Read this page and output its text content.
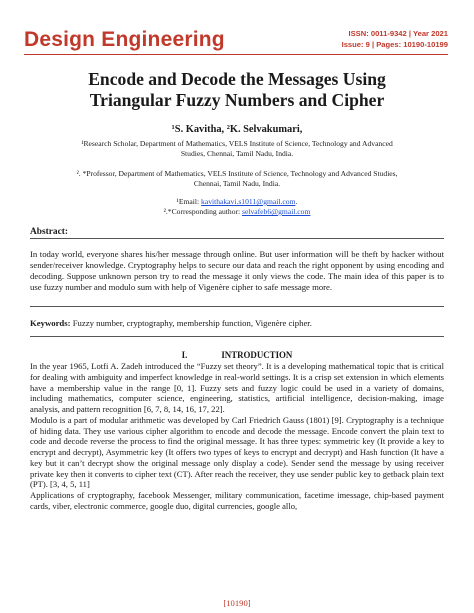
Design Engineering	ISSN: 0011-9342 | Year 2021
Issue: 9 | Pages: 10190-10199
Encode and Decode the Messages Using
Triangular Fuzzy Numbers and Cipher
¹S. Kavitha, ²K. Selvakumari,
¹Research Scholar, Department of Mathematics, VELS Institute of Science, Technology and Advanced Studies, Chennai, Tamil Nadu, India.
². *Professor, Department of Mathematics, VELS Institute of Science, Technology and Advanced Studies, Chennai, Tamil Nadu, India.
¹Email: kavithakavi.s1011@gmail.com.
².*Corresponding author: selvafeb6@gmail.com
Abstract:
In today world, everyone shares his/her message through online. But user information will be theft by hacker without sender/receiver knowledge. Cryptography helps to secure our data and reach the right opponent by using encoding and decoding. Suppose unknown person try to read the message it only views the code. The main idea of this paper is to use fuzzy number and modulo sum with help of Vigenère cipher to safe message more.
Keywords: Fuzzy number, cryptography, membership function, Vigenère cipher.
I.	INTRODUCTION

In the year 1965, Lotfi A. Zadeh introduced the “Fuzzy set theory”. It is a developing mathematical topic that is critical for dealing with ambiguity and imperfect knowledge in real-world settings. It is a crisp set extension in which elements have a membership value in the range [0, 1]. Fuzzy sets and fuzzy logic could be used in a variety of domains, including mathematics, computer science, engineering, statistics, artificial intelligence, decision-making, image analysis, and pattern recognition [6, 7, 8, 14, 16, 17, 22].

Modulo is a part of modular arithmetic was developed by Carl Friedrich Gauss (1801) [9]. Cryptography is a technique of hiding data. They use various cipher algorithm to encode and decode the message. Encode convert the plain text to code and decode reverse the process to find the original message. It has three types: symmetric key (It provide a key to encrypt and decrypt), Asymmetric key (It offers two types of keys to encrypt and decrypt) and Hash function (It have a key but it can’t decrypt show the original message only display a code). Sender send the message by using receiver private key then it converts to cipher text (CT). After reach the receiver, they use sender public key to getback plain text (PT). [3, 4, 5, 11]

Applications of cryptography, facebook Messenger, military communication, facetime imessage, chip-based payment cards, viber, electronic commerce, google duo, digital currencies, google allo,

[10190]
